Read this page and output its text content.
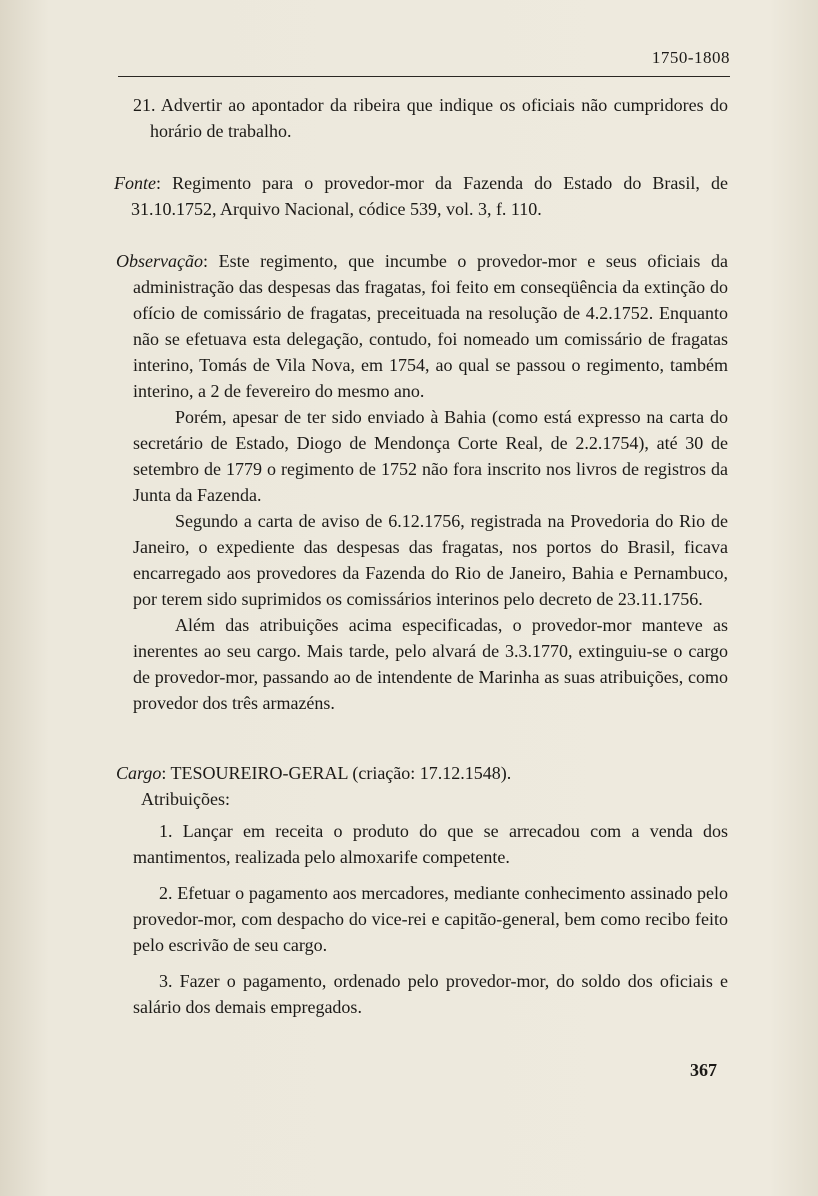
1750-1808

21. Advertir ao apontador da ribeira que indique os oficiais não cumpridores do horário de trabalho.

Fonte: Regimento para o provedor-mor da Fazenda do Estado do Brasil, de 31.10.1752, Arquivo Nacional, códice 539, vol. 3, f. 110.

Observação: Este regimento, que incumbe o provedor-mor e seus oficiais da administração das despesas das fragatas, foi feito em conseqüência da extinção do ofício de comissário de fragatas, preceituada na resolução de 4.2.1752. Enquanto não se efetuava esta delegação, contudo, foi nomeado um comissário de fragatas interino, Tomás de Vila Nova, em 1754, ao qual se passou o regimento, também interino, a 2 de fevereiro do mesmo ano.

Porém, apesar de ter sido enviado à Bahia (como está expresso na carta do secretário de Estado, Diogo de Mendonça Corte Real, de 2.2.1754), até 30 de setembro de 1779 o regimento de 1752 não fora inscrito nos livros de registros da Junta da Fazenda.

Segundo a carta de aviso de 6.12.1756, registrada na Provedoria do Rio de Janeiro, o expediente das despesas das fragatas, nos portos do Brasil, ficava encarregado aos provedores da Fazenda do Rio de Janeiro, Bahia e Pernambuco, por terem sido suprimidos os comissários interinos pelo decreto de 23.11.1756.

Além das atribuições acima especificadas, o provedor-mor manteve as inerentes ao seu cargo. Mais tarde, pelo alvará de 3.3.1770, extinguiu-se o cargo de provedor-mor, passando ao de intendente de Marinha as suas atribuições, como provedor dos três armazéns.

Cargo: TESOUREIRO-GERAL (criação: 17.12.1548).

Atribuições:

1. Lançar em receita o produto do que se arrecadou com a venda dos mantimentos, realizada pelo almoxarife competente.

2. Efetuar o pagamento aos mercadores, mediante conhecimento assinado pelo provedor-mor, com despacho do vice-rei e capitão-general, bem como recibo feito pelo escrivão de seu cargo.

3. Fazer o pagamento, ordenado pelo provedor-mor, do soldo dos oficiais e salário dos demais empregados.

367
